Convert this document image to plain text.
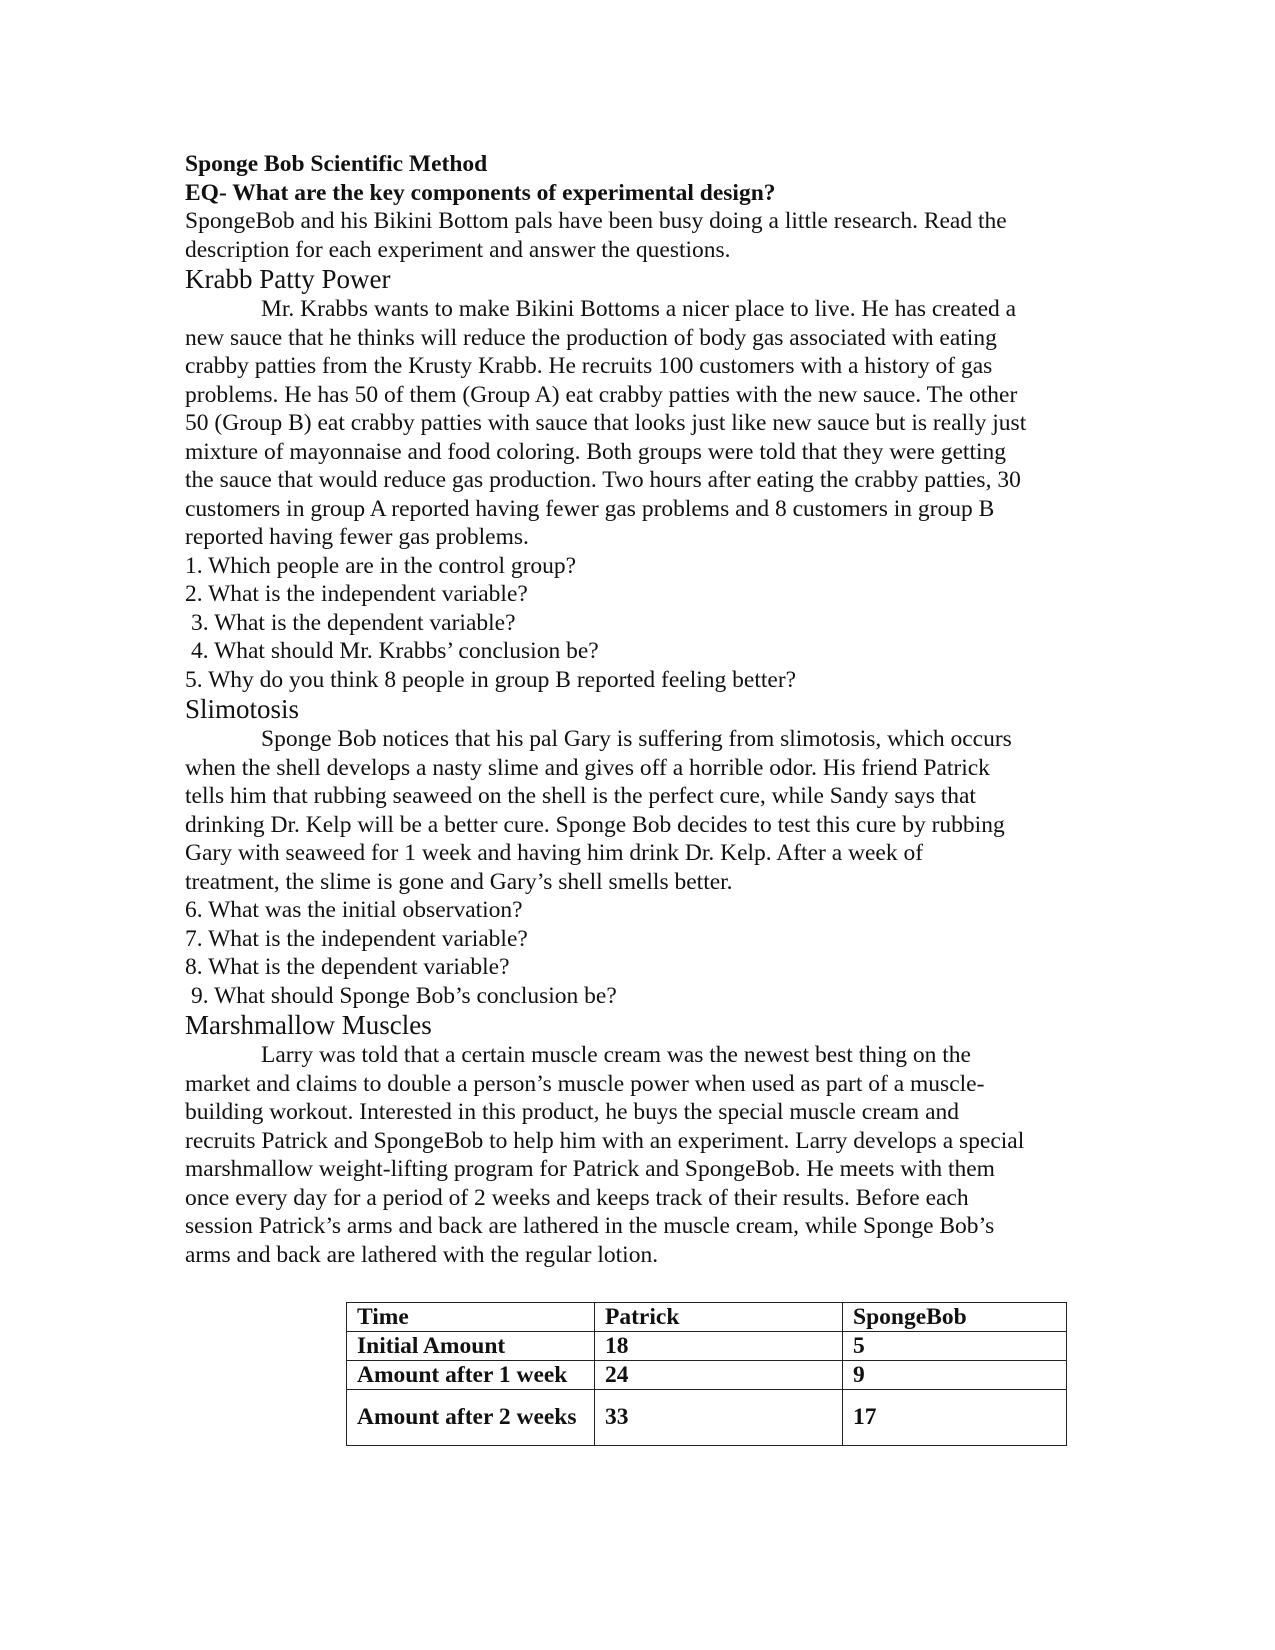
Sponge Bob Scientific Method
EQ- What are the key components of experimental design?
SpongeBob and his Bikini Bottom pals have been busy doing a little research. Read the
description for each experiment and answer the questions.
Krabb Patty Power
Mr. Krabbs wants to make Bikini Bottoms a nicer place to live. He has created a
new sauce that he thinks will reduce the production of body gas associated with eating
crabby patties from the Krusty Krabb. He recruits 100 customers with a history of gas
problems. He has 50 of them (Group A) eat crabby patties with the new sauce. The other
50 (Group B) eat crabby patties with sauce that looks just like new sauce but is really just
mixture of mayonnaise and food coloring. Both groups were told that they were getting
the sauce that would reduce gas production. Two hours after eating the crabby patties, 30
customers in group A reported having fewer gas problems and 8 customers in group B
reported having fewer gas problems.
1. Which people are in the control group?
2. What is the independent variable?
3. What is the dependent variable?
4. What should Mr. Krabbs’ conclusion be?
5. Why do you think 8 people in group B reported feeling better?
Slimotosis
Sponge Bob notices that his pal Gary is suffering from slimotosis, which occurs
when the shell develops a nasty slime and gives off a horrible odor. His friend Patrick
tells him that rubbing seaweed on the shell is the perfect cure, while Sandy says that
drinking Dr. Kelp will be a better cure. Sponge Bob decides to test this cure by rubbing
Gary with seaweed for 1 week and having him drink Dr. Kelp. After a week of
treatment, the slime is gone and Gary’s shell smells better.
6. What was the initial observation?
7. What is the independent variable?
8. What is the dependent variable?
9. What should Sponge Bob’s conclusion be?
Marshmallow Muscles
Larry was told that a certain muscle cream was the newest best thing on the
market and claims to double a person’s muscle power when used as part of a muscle-
building workout. Interested in this product, he buys the special muscle cream and
recruits Patrick and SpongeBob to help him with an experiment. Larry develops a special
marshmallow weight-lifting program for Patrick and SpongeBob. He meets with them
once every day for a period of 2 weeks and keeps track of their results. Before each
session Patrick’s arms and back are lathered in the muscle cream, while Sponge Bob’s
arms and back are lathered with the regular lotion.
Time	Patrick	SpongeBob
Initial Amount	18	5
Amount after 1 week	24	9
Amount after 2 weeks	33	17
